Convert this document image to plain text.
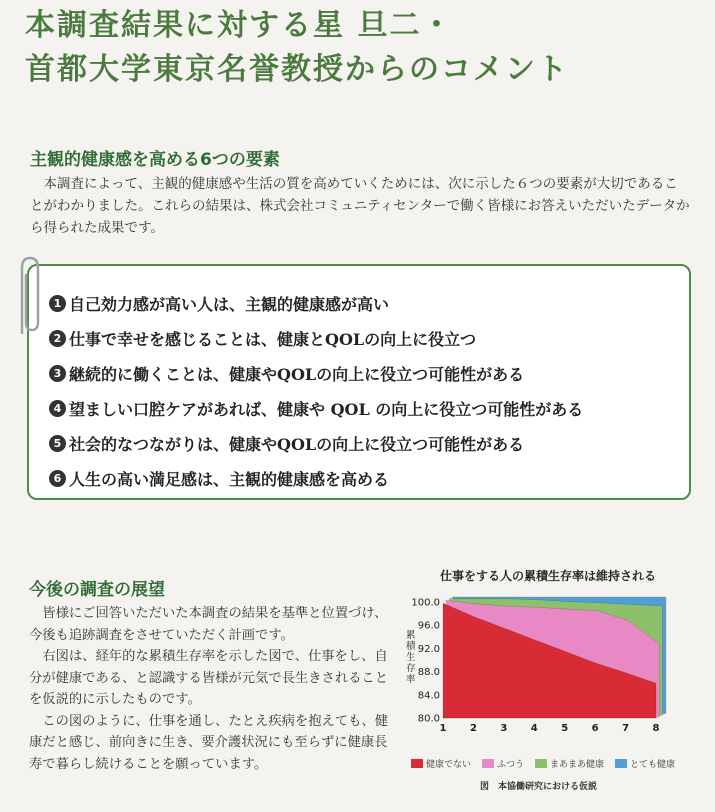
本調査結果に対する星 旦二・
首都大学東京名誉教授からのコメント
主観的健康感を高める6つの要素
本調査によって、主観的健康感や生活の質を高めていくためには、次に示した６つの要素が大切であることがわかりました。これらの結果は、株式会社コミュニティセンターで働く皆様にお答えいただいたデータから得られた成果です。
1 自己効力感が高い人は、主観的健康感が高い
2 仕事で幸せを感じることは、健康とQOLの向上に役立つ
3 継続的に働くことは、健康やQOLの向上に役立つ可能性がある
4 望ましい口腔ケアがあれば、健康や QOL の向上に役立つ可能性がある
5 社会的なつながりは、健康やQOLの向上に役立つ可能性がある
6 人生の高い満足感は、主観的健康感を高める
今後の調査の展望

皆様にご回答いただいた本調査の結果を基準と位置づけ、今後も追跡調査をさせていただく計画です。

右図は、経年的な累積生存率を示した図で、仕事をし、自分が健康である、と認識する皆様が元気で長生きされることを仮説的に示したものです。

この図のように、仕事を通し、たとえ疾病を抱えても、健康だと感じ、前向きに生き、要介護状況にも至らずに健康長寿で暮らし続けることを願っています。

仕事をする人の累積生存率は維持される
100.0
96.0
92.0
88.0
84.0
80.0
1 2 3 4 5 6 7 8
累積生存率
健康でない	ふつう	まあまあ健康	とても健康
図　本協働研究における仮説
